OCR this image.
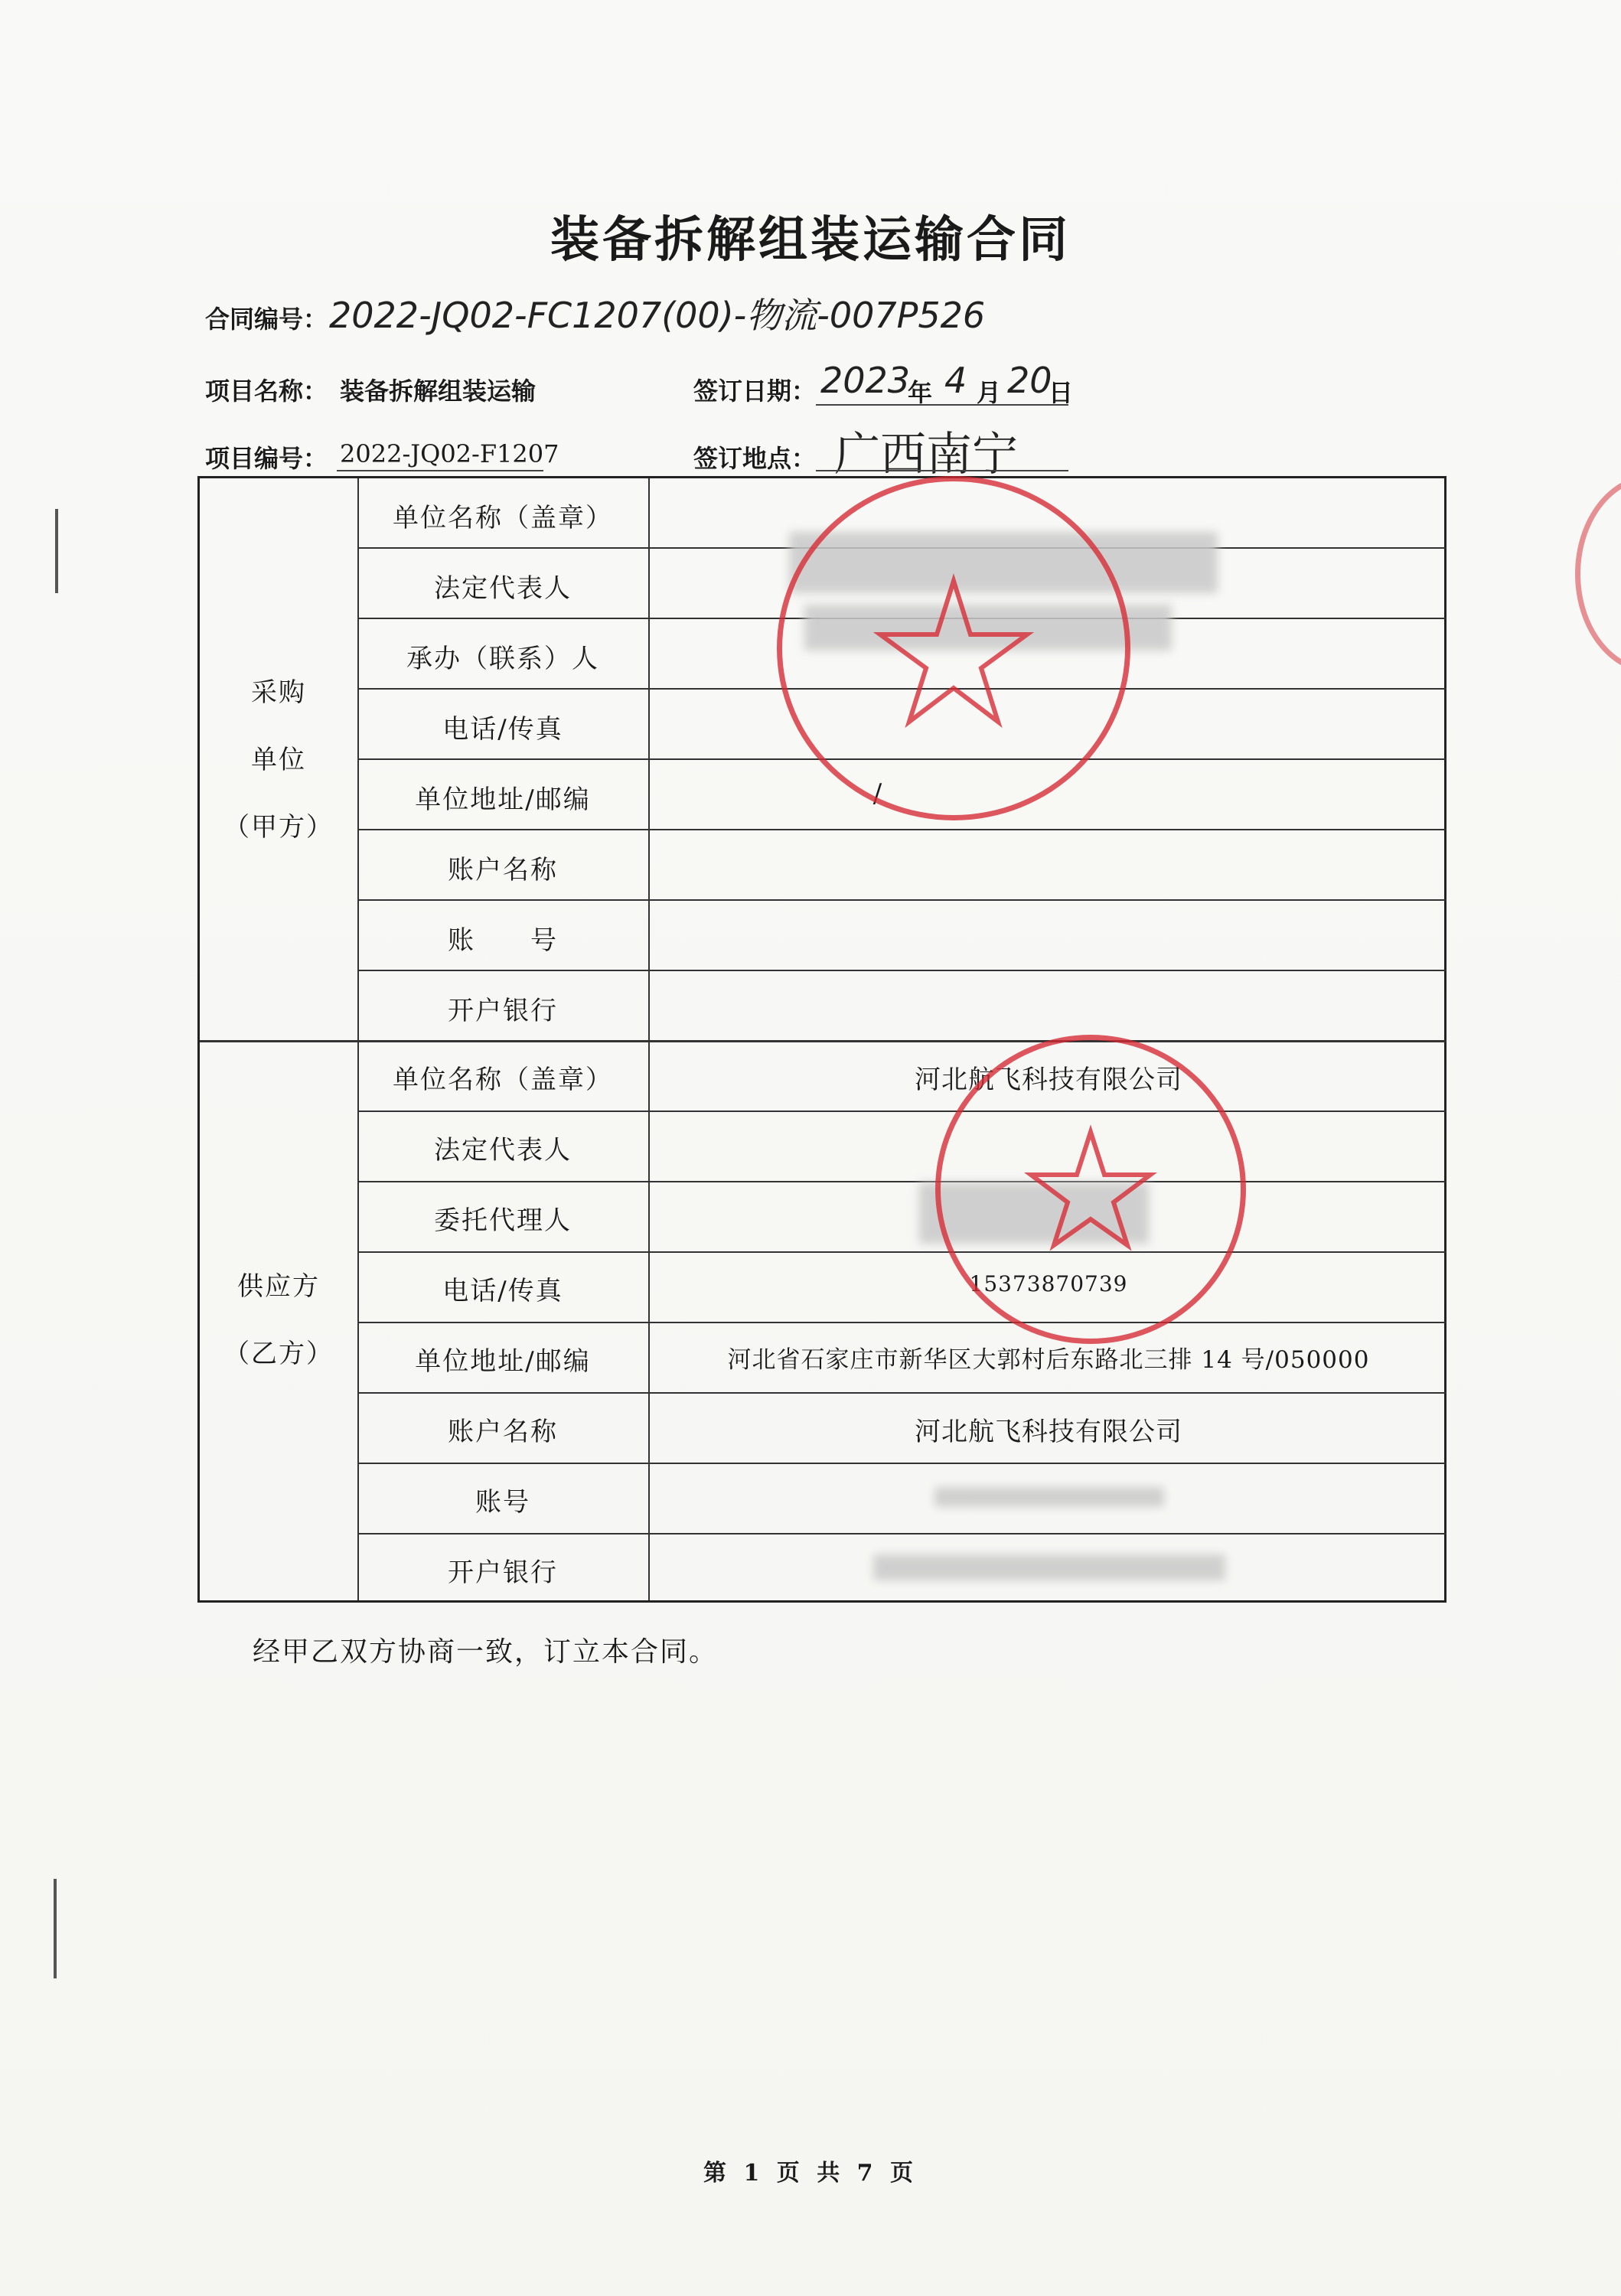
装备拆解组装运输合同
合同编号： 2022-JQ02-FC1207(00)-物流-007P526
项目名称： 装备拆解组装运输	签订日期： 2023
年 4 月 20
日
项目编号： 2022-JQ02-F1207	签订地点： 广西南宁
采购
单位
（甲方）
单位名称（盖章）
法定代表人
承办（联系）人
电话/传真
单位地址/邮编
账户名称
账　　号
开户银行
/
供应方
（乙方）
单位名称（盖章）
法定代表人
委托代理人
电话/传真
单位地址/邮编
账户名称
账号
开户银行
河北航飞科技有限公司
15373870739
河北省石家庄市新华区大郭村后东路北三排 14 号/050000
河北航飞科技有限公司
经甲乙双方协商一致，订立本合同。
第 1 页 共 7 页
